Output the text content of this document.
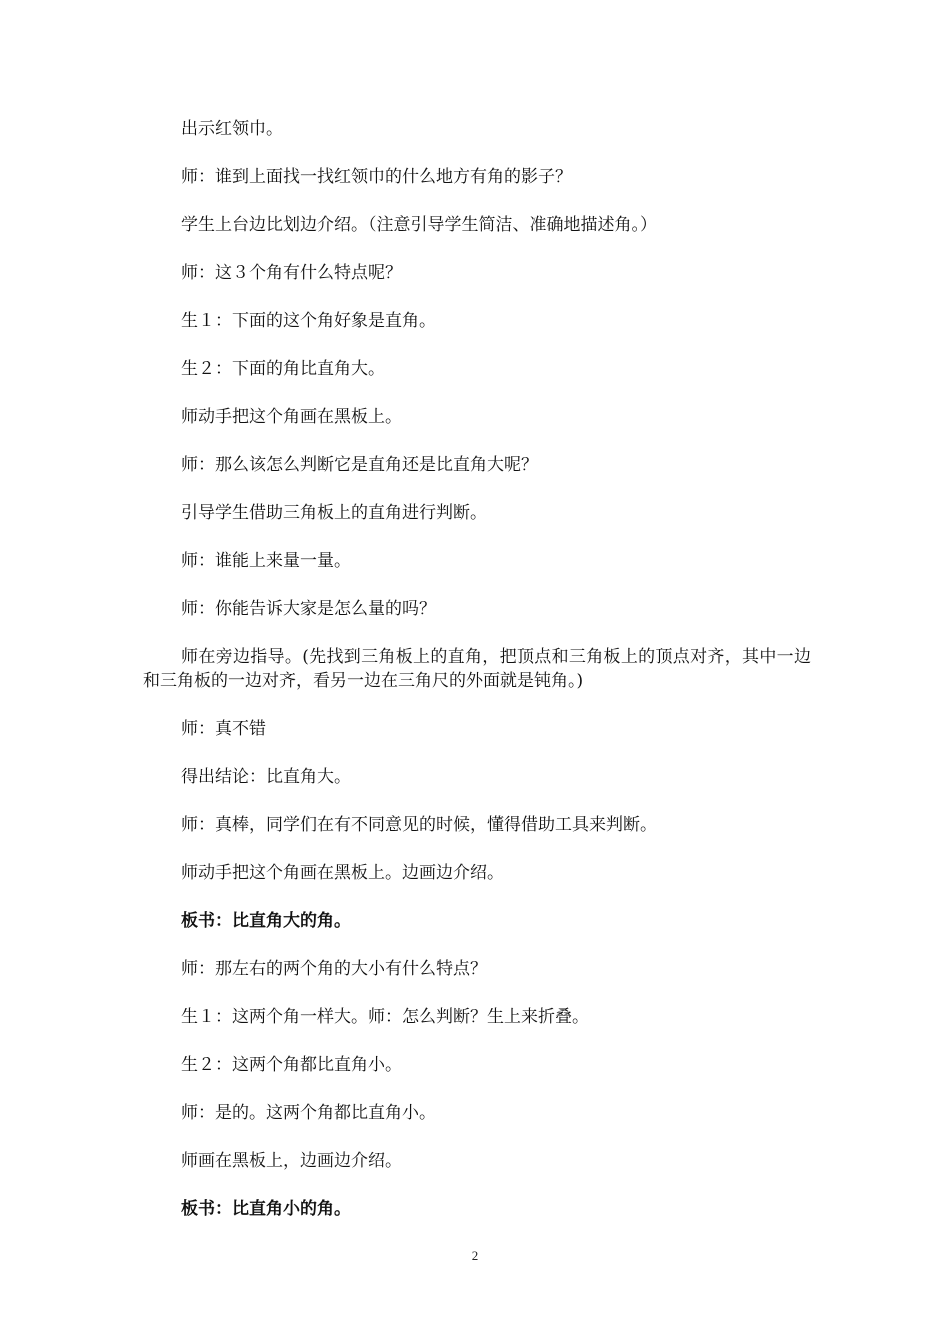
出示红领巾。

师：谁到上面找一找红领巾的什么地方有角的影子？

学生上台边比划边介绍。（注意引导学生简洁、准确地描述角。）

师：这３个角有什么特点呢？

生１：下面的这个角好象是直角。

生２：下面的角比直角大。

师动手把这个角画在黑板上。

师：那么该怎么判断它是直角还是比直角大呢？

引导学生借助三角板上的直角进行判断。

师：谁能上来量一量。

师：你能告诉大家是怎么量的吗？

师在旁边指导。(先找到三角板上的直角，把顶点和三角板上的顶点对齐，其中一边和三角板的一边对齐，看另一边在三角尺的外面就是钝角。)

师：真不错

得出结论：比直角大。

师：真棒，同学们在有不同意见的时候，懂得借助工具来判断。

师动手把这个角画在黑板上。边画边介绍。

板书：比直角大的角。

师：那左右的两个角的大小有什么特点？

生１：这两个角一样大。师：怎么判断？生上来折叠。

生２：这两个角都比直角小。

师：是的。这两个角都比直角小。

师画在黑板上，边画边介绍。

板书：比直角小的角。

2
